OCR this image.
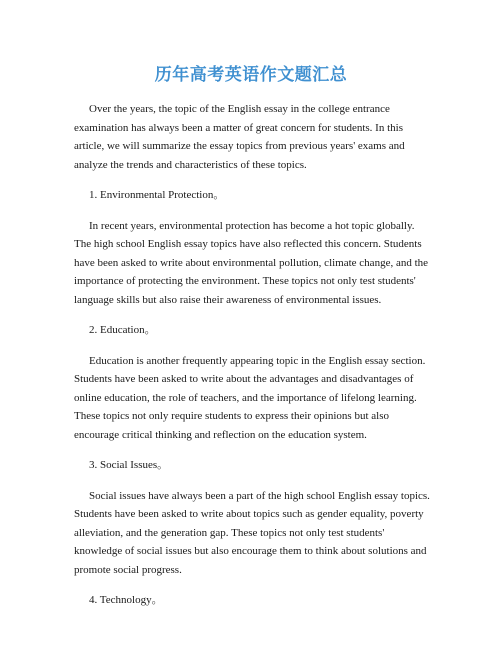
历年高考英语作文题汇总

Over the years, the topic of the English essay in the college entrance examination has always been a matter of great concern for students. In this article, we will summarize the essay topics from previous years' exams and analyze the trends and characteristics of these topics.

1. Environmental Protection。

In recent years, environmental protection has become a hot topic globally. The high school English essay topics have also reflected this concern. Students have been asked to write about environmental pollution, climate change, and the importance of protecting the environment. These topics not only test students' language skills but also raise their awareness of environmental issues.

2. Education。

Education is another frequently appearing topic in the English essay section. Students have been asked to write about the advantages and disadvantages of online education, the role of teachers, and the importance of lifelong learning. These topics not only require students to express their opinions but also encourage critical thinking and reflection on the education system.

3. Social Issues。

Social issues have always been a part of the high school English essay topics. Students have been asked to write about topics such as gender equality, poverty alleviation, and the generation gap. These topics not only test students' knowledge of social issues but also encourage them to think about solutions and promote social progress.

4. Technology。
